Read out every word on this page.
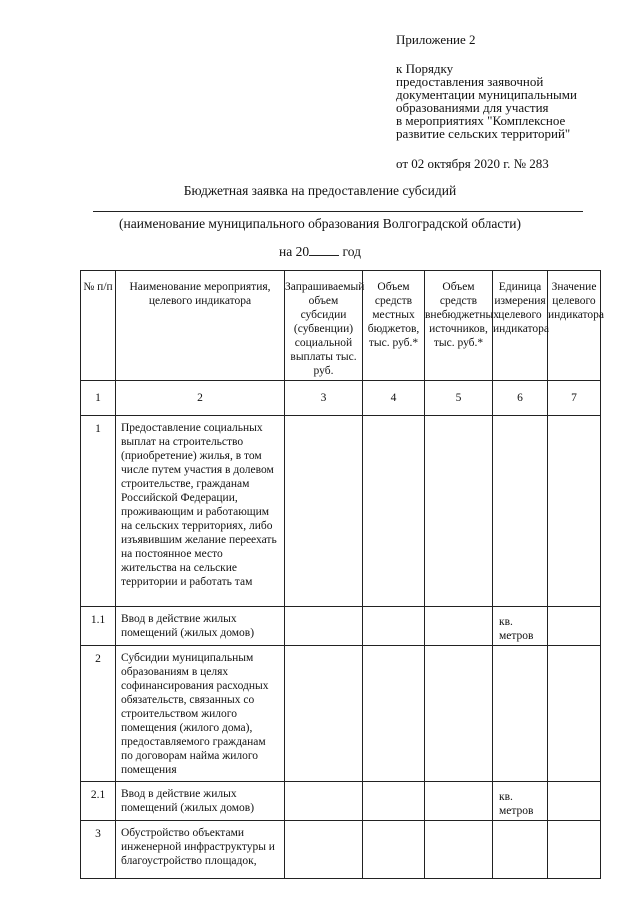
Приложение 2
к Порядку
предоставления заявочной
документации муниципальными
образованиями для участия
в мероприятиях "Комплексное
развитие сельских территорий"
от 02 октября 2020 г. № 283
Бюджетная заявка на предоставление субсидий
(наименование муниципального образования Волгоградской области)
на 20 год
№ п/п	Наименование мероприятия, целевого индикатора	Запрашиваемый объем субсидии (субвенции) социальной выплаты тыс. руб.	Объем средств местных бюджетов, тыс. руб.*	Объем средств внебюджетных источников, тыс. руб.*	Единица измерения целевого индикатора	Значение целевого индикатора
1	2	3	4	5	6	7
1	Предоставление социальных выплат на строительство (приобретение) жилья, в том числе путем участия в долевом строительстве, гражданам Российской Федерации, проживающим и работающим на сельских территориях, либо изъявившим желание переехать на постоянное место жительства на сельские территории и работать там					
1.1	Ввод в действие жилых помещений (жилых домов)				кв. метров	
2	Субсидии муниципальным образованиям в целях софинансирования расходных обязательств, связанных со строительством жилого помещения (жилого дома), предоставляемого гражданам по договорам найма жилого помещения					
2.1	Ввод в действие жилых помещений (жилых домов)				кв. метров	
3	Обустройство объектами инженерной инфраструктуры и благоустройство площадок,					
